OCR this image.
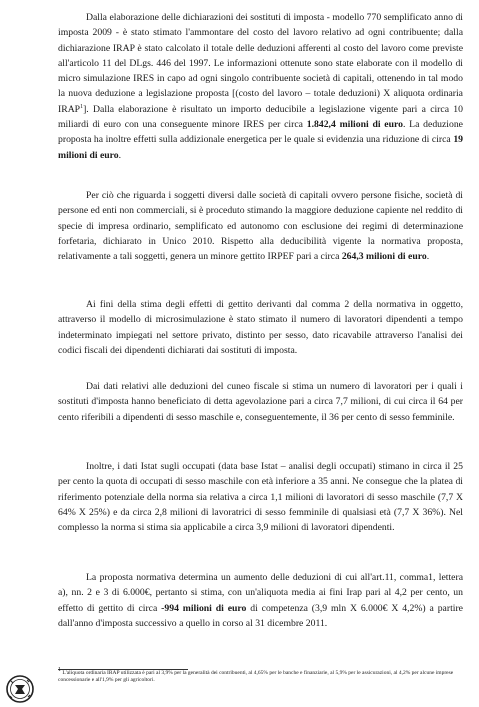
Dalla elaborazione delle dichiarazioni dei sostituti di imposta - modello 770 semplificato anno di imposta 2009 - è stato stimato l'ammontare del costo del lavoro relativo ad ogni contribuente; dalla dichiarazione IRAP è stato calcolato il totale delle deduzioni afferenti al costo del lavoro come previste all'articolo 11 del DLgs. 446 del 1997. Le informazioni ottenute sono state elaborate con il modello di micro simulazione IRES in capo ad ogni singolo contribuente società di capitali, ottenendo in tal modo la nuova deduzione a legislazione proposta [(costo del lavoro – totale deduzioni) X aliquota ordinaria IRAP$^1$]. Dalla elaborazione è risultato un importo deducibile a legislazione vigente pari a circa 10 miliardi di euro con una conseguente minore IRES per circa 1.842,4 milioni di euro. La deduzione proposta ha inoltre effetti sulla addizionale energetica per le quale si evidenzia una riduzione di circa 19 milioni di euro.

Per ciò che riguarda i soggetti diversi dalle società di capitali ovvero persone fisiche, società di persone ed enti non commerciali, si è proceduto stimando la maggiore deduzione capiente nel reddito di specie di impresa ordinario, semplificato ed autonomo con esclusione dei regimi di determinazione forfetaria, dichiarato in Unico 2010. Rispetto alla deducibilità vigente la normativa proposta, relativamente a tali soggetti, genera un minore gettito IRPEF pari a circa 264,3 milioni di euro.

Ai fini della stima degli effetti di gettito derivanti dal comma 2 della normativa in oggetto, attraverso il modello di microsimulazione è stato stimato il numero di lavoratori dipendenti a tempo indeterminato impiegati nel settore privato, distinto per sesso, dato ricavabile attraverso l'analisi dei codici fiscali dei dipendenti dichiarati dai sostituti di imposta.

Dai dati relativi alle deduzioni del cuneo fiscale si stima un numero di lavoratori per i quali i sostituti d'imposta hanno beneficiato di detta agevolazione pari a circa 7,7 milioni, di cui circa il 64 per cento riferibili a dipendenti di sesso maschile e, conseguentemente, il 36 per cento di sesso femminile.

Inoltre, i dati Istat sugli occupati (data base Istat – analisi degli occupati) stimano in circa il 25 per cento la quota di occupati di sesso maschile con età inferiore a 35 anni. Ne consegue che la platea di riferimento potenziale della norma sia relativa a circa 1,1 milioni di lavoratori di sesso maschile (7,7 X 64% X 25%) e da circa 2,8 milioni di lavoratrici di sesso femminile di qualsiasi età (7,7 X 36%). Nel complesso la norma si stima sia applicabile a circa 3,9 milioni di lavoratori dipendenti.

La proposta normativa determina un aumento delle deduzioni di cui all'art.11, comma1, lettera a), nn. 2 e 3 di 6.000€, pertanto si stima, con un'aliquota media ai fini Irap pari al 4,2 per cento, un effetto di gettito di circa -994 milioni di euro di competenza (3,9 mln X 6.000€ X 4,2%) a partire dall'anno d'imposta successivo a quello in corso al 31 dicembre 2011.

$^1$ L'aliquota ordinaria IRAP utilizzata è pari al 3,9% per la generalità dei contribuenti, al 4,65% per le banche e finanziarie, al 5,9% per le assicurazioni, al 4,2% per alcune imprese concessionarie e all'1,9% per gli agricoltori.
